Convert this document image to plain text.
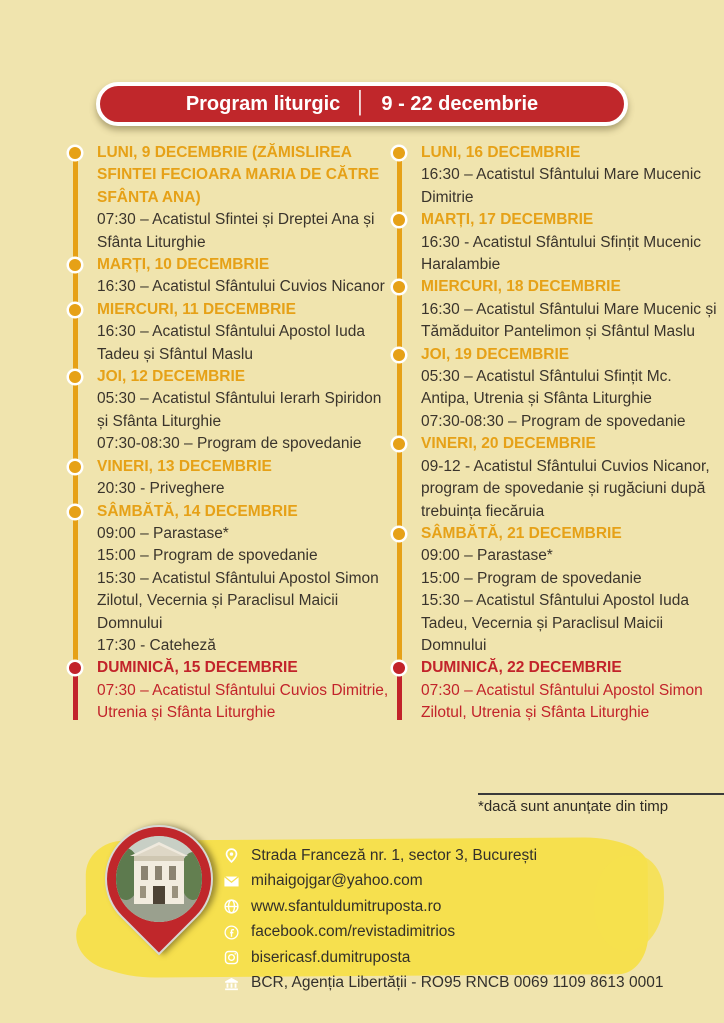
Program liturgic │ 9 - 22 decembrie
LUNI, 9 DECEMBRIE (ZĂMISLIREA SFINTEI FECIOARA MARIA DE CĂTRE SFÂNTA ANA)
07:30 – Acatistul Sfintei și Dreptei Ana și Sfânta Liturghie
MARȚI, 10 DECEMBRIE
16:30 – Acatistul Sfântului Cuvios Nicanor
MIERCURI, 11 DECEMBRIE
16:30 – Acatistul Sfântului Apostol Iuda Tadeu și Sfântul Maslu
JOI, 12 DECEMBRIE
05:30 – Acatistul Sfântului Ierarh Spiridon și Sfânta Liturghie
07:30-08:30 – Program de spovedanie
VINERI, 13 DECEMBRIE
20:30 - Priveghere
SÂMBĂTĂ, 14 DECEMBRIE
09:00 – Parastase*
15:00 – Program de spovedanie
15:30 – Acatistul Sfântului Apostol Simon Zilotul, Vecernia și Paraclisul Maicii Domnului
17:30 - Cateheză
DUMINICĂ, 15 DECEMBRIE
07:30 – Acatistul Sfântului Cuvios Dimitrie, Utrenia și Sfânta Liturghie
LUNI, 16 DECEMBRIE
16:30 – Acatistul Sfântului Mare Mucenic Dimitrie
MARȚI, 17 DECEMBRIE
16:30 - Acatistul Sfântului Sfințit Mucenic Haralambie
MIERCURI, 18 DECEMBRIE
16:30 – Acatistul Sfântului Mare Mucenic și Tămăduitor Pantelimon și Sfântul Maslu
JOI, 19 DECEMBRIE
05:30 – Acatistul Sfântului Sfințit Mc. Antipa, Utrenia și Sfânta Liturghie
07:30-08:30 – Program de spovedanie
VINERI, 20 DECEMBRIE
09-12 - Acatistul Sfântului Cuvios Nicanor, program de spovedanie și rugăciuni după trebuința fiecăruia
SÂMBĂTĂ, 21 DECEMBRIE
09:00 – Parastase*
15:00 – Program de spovedanie
15:30 – Acatistul Sfântului Apostol Iuda Tadeu, Vecernia și Paraclisul Maicii Domnului
DUMINICĂ, 22 DECEMBRIE
07:30 – Acatistul Sfântului Apostol Simon Zilotul, Utrenia și Sfânta Liturghie

*dacă sunt anunțate din timp

Strada Franceză nr. 1, sector 3, București
mihaigojgar@yahoo.com
www.sfantuldumitruposta.ro
facebook.com/revistadimitrios
bisericasf.dumitruposta
BCR, Agenția Libertății - RO95 RNCB 0069 1109 8613 0001
